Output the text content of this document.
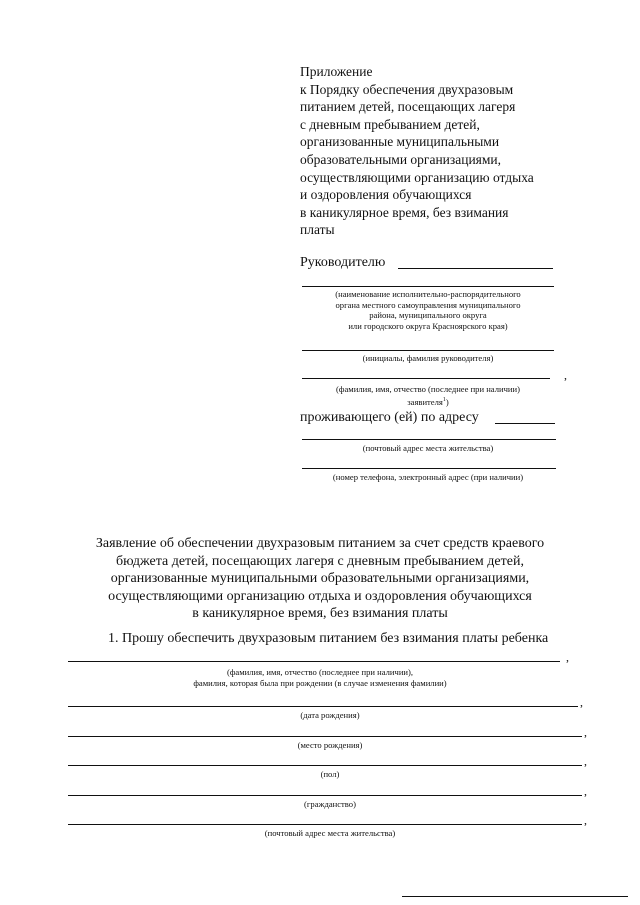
Приложение
к Порядку обеспечения двухразовым
питанием детей, посещающих лагеря
с дневным пребыванием детей,
организованные муниципальными
образовательными организациями,
осуществляющими организацию отдыха
и оздоровления обучающихся
в каникулярное время, без взимания
платы
Руководителю
(наименование исполнительно-распорядительного
органа местного самоуправления муниципального
района, муниципального округа
или городского округа Красноярского края)
(инициалы, фамилия руководителя)
,
(фамилия, имя, отчество (последнее при наличии)
заявителя$^1$)
проживающего (ей) по адресу
(почтовый адрес места жительства)
(номер телефона, электронный адрес (при наличии)
Заявление об обеспечении двухразовым питанием за счет средств краевого
бюджета детей, посещающих лагеря с дневным пребыванием детей,
организованные муниципальными образовательными организациями,
осуществляющими организацию отдыха и оздоровления обучающихся
в каникулярное время, без взимания платы
1. Прошу обеспечить двухразовым питанием без взимания платы ребенка
,
(фамилия, имя, отчество (последнее при наличии),
фамилия, которая была при рождении (в случае изменения фамилии)
,
(дата рождения)
,
(место рождения)
,
(пол)
,
(гражданство)
,
(почтовый адрес места жительства)
